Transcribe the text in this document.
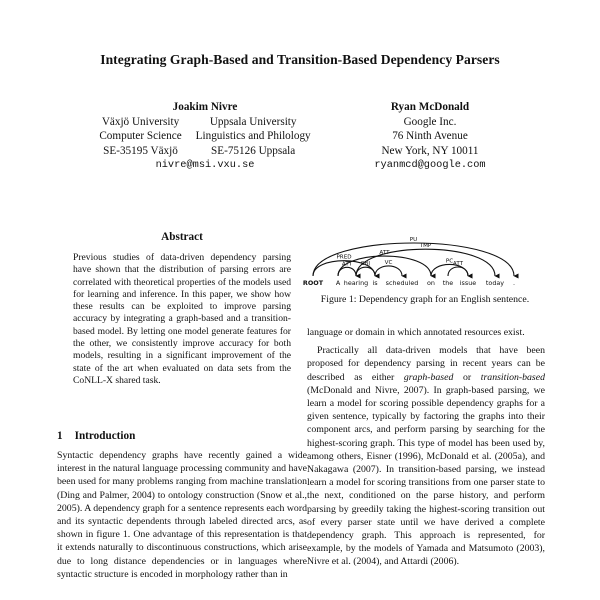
Integrating Graph-Based and Transition-Based Dependency Parsers
Joakim Nivre
Växjö University
Computer Science
SE-35195 Växjö
Uppsala University
Linguistics and Philology
SE-75126 Uppsala
nivre@msi.vxu.se
Ryan McDonald
Google Inc.
76 Ninth Avenue
New York, NY 10011
ryanmcd@google.com
Abstract
Previous studies of data-driven dependency parsing have shown that the distribution of parsing errors are correlated with theoretical properties of the models used for learning and inference. In this paper, we show how these results can be exploited to improve parsing accuracy by integrating a graph-based and a transition-based model. By letting one model generate features for the other, we consistently improve accuracy for both models, resulting in a significant improvement of the state of the art when evaluated on data sets from the CoNLL-X shared task.
1 Introduction

Syntactic dependency graphs have recently gained a wide interest in the natural language processing community and have been used for many problems ranging from machine translation (Ding and Palmer, 2004) to ontology construction (Snow et al., 2005). A dependency graph for a sentence represents each word and its syntactic dependents through labeled directed arcs, as shown in figure 1. One advantage of this representation is that it extends naturally to discontinuous constructions, which arise due to long distance dependencies or in languages where syntactic structure is encoded in morphology rather than in

PU
TMP
ATT
PRED
PC
VC	ATT
SBJ
ATT
ROOT A hearing is scheduled on the issue today .
Figure 1: Dependency graph for an English sentence.

language or domain in which annotated resources exist.

Practically all data-driven models that have been proposed for dependency parsing in recent years can be described as either graph-based or transition-based (McDonald and Nivre, 2007). In graph-based parsing, we learn a model for scoring possible dependency graphs for a given sentence, typically by factoring the graphs into their component arcs, and perform parsing by searching for the highest-scoring graph. This type of model has been used by, among others, Eisner (1996), McDonald et al. (2005a), and Nakagawa (2007). In transition-based parsing, we instead learn a model for scoring transitions from one parser state to the next, conditioned on the parse history, and perform parsing by greedily taking the highest-scoring transition out of every parser state until we have derived a complete dependency graph. This approach is represented, for example, by the models of Yamada and Matsumoto (2003), Nivre et al. (2004), and Attardi (2006).
